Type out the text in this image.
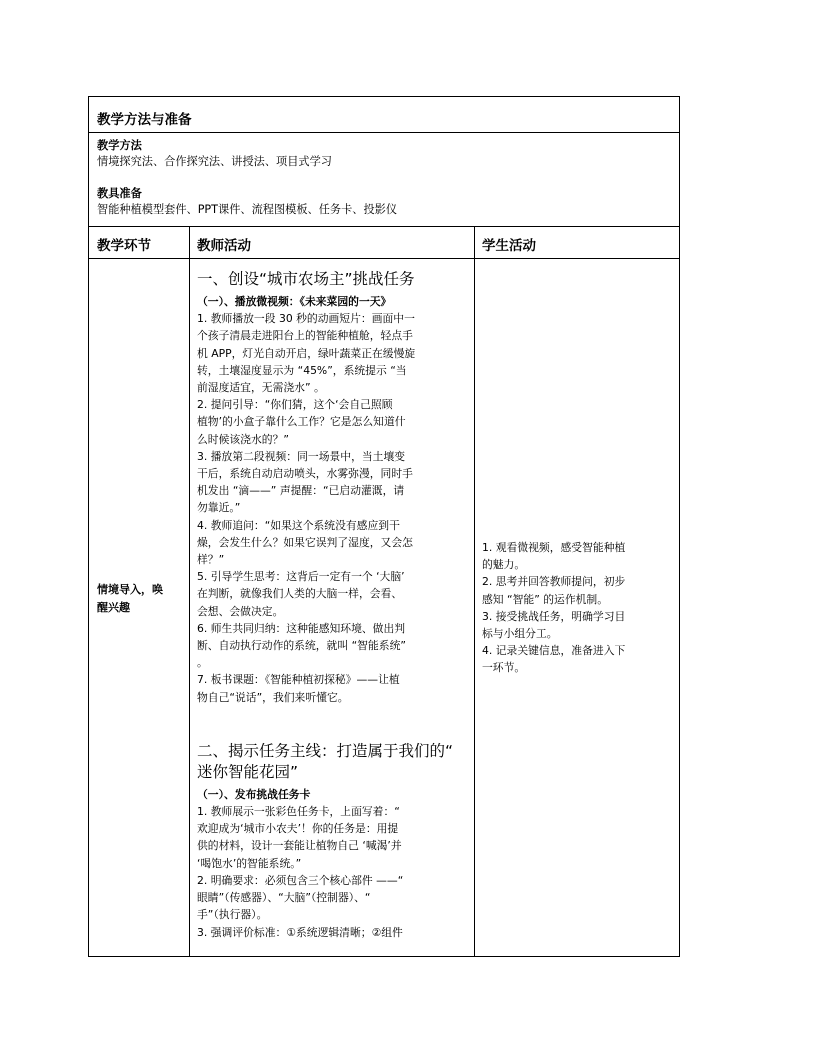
教学方法与准备
教学方法
情境探究法、合作探究法、讲授法、项目式学习
教具准备
智能种植模型套件、PPT课件、流程图模板、任务卡、投影仪
教学环节	教师活动	学生活动
情境导入，唤
醒兴趣
一、创设“城市农场主”挑战任务
（一）、播放微视频：《未来菜园的一天》
1. 教师播放一段 30 秒的动画短片：画面中一
个孩子清晨走进阳台上的智能种植舱，轻点手
机 APP，灯光自动开启，绿叶蔬菜正在缓慢旋
转，土壤湿度显示为 “45%”，系统提示 “当
前湿度适宜，无需浇水” 。
2. 提问引导：“你们猜，这个‘会自己照顾
植物’的小盒子靠什么工作？它是怎么知道什
么时候该浇水的？”
3. 播放第二段视频：同一场景中，当土壤变
干后，系统自动启动喷头，水雾弥漫，同时手
机发出 “滴——” 声提醒：“已启动灌溉，请
勿靠近。”
4. 教师追问：“如果这个系统没有感应到干
燥，会发生什么？如果它误判了湿度，又会怎
样？”
5. 引导学生思考：这背后一定有一个 ‘大脑’
在判断，就像我们人类的大脑一样，会看、
会想、会做决定。
6. 师生共同归纳：这种能感知环境、做出判
断、自动执行动作的系统，就叫 “智能系统”
。
7. 板书课题：《智能种植初探秘》——让植
物自己“说话”，我们来听懂它。
二、揭示任务主线：打造属于我们的“
迷你智能花园”
（一）、发布挑战任务卡
1. 教师展示一张彩色任务卡，上面写着：“
欢迎成为‘城市小农夫’！你的任务是：用提
供的材料，设计一套能让植物自己 ‘喊渴’并
‘喝饱水’的智能系统。”
2. 明确要求：必须包含三个核心部件 ——“
眼睛”（传感器）、“大脑”（控制器）、“
手”（执行器）。
3. 强调评价标准：①系统逻辑清晰；②组件
1. 观看微视频，感受智能种植
的魅力。
2. 思考并回答教师提问，初步
感知 “智能” 的运作机制。
3. 接受挑战任务，明确学习目
标与小组分工。
4. 记录关键信息，准备进入下
一环节。
